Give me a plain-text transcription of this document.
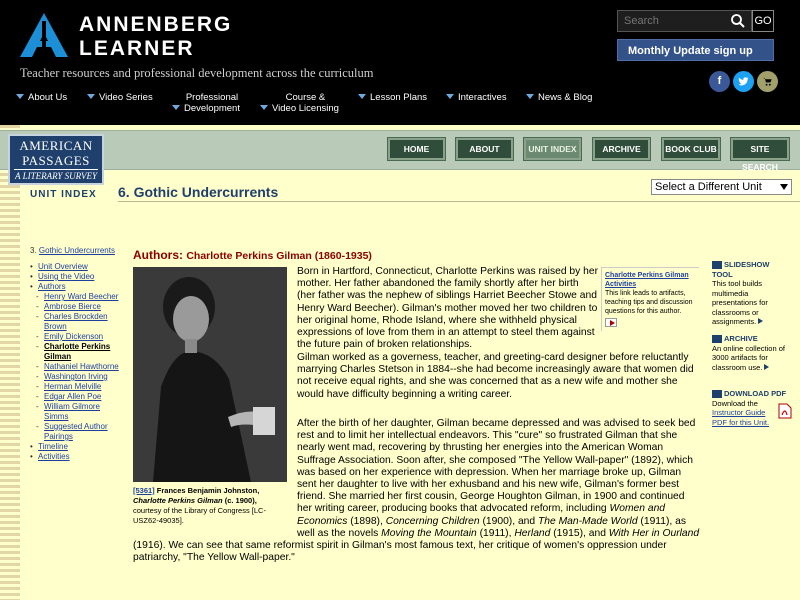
ANNENBERG
LEARNER
Teacher resources and professional development across the curriculum
Search
GO
Monthly Update sign up
f
About Us	Video Series	Professional
Development
Course &
Video Licensing
Lesson Plans	Interactives	News & Blog
AMERICAN
PASSAGES
A LITERARY SURVEY
HOME	ABOUT	UNIT INDEX	ARCHIVE	BOOK CLUB	SITE SEARCH
UNIT INDEX 6. Gothic Undercurrents	Select a Different Unit
3. Gothic Undercurrents
• Unit Overview
• Using the Video
• Authors
- Henry Ward Beecher
- Ambrose Bierce
- Charles Brockden Brown
- Emily Dickenson
- Charlotte Perkins Gilman
- Nathaniel Hawthorne
- Washington Irving
- Herman Melville
- Edgar Allen Poe
- William Gilmore Simms
- Suggested Author Pairings
• Timeline
• Activities
Authors: Charlotte Perkins Gilman (1860-1935)
[5361] Frances Benjamin Johnston,
Charlotte Perkins Gilman (c. 1900),
courtesy of the Library of Congress [LC-USZ62-49035].
Born in Hartford, Connecticut, Charlotte Perkins was raised by her mother. Her father abandoned the family shortly after her birth (her father was the nephew of siblings Harriet Beecher Stowe and Henry Ward Beecher). Gilman's mother moved her two children to her original home, Rhode Island, where she withheld physical expressions of love from them in an attempt to steel them against the future pain of broken relationships.
Gilman worked as a governess, teacher, and greeting-card designer before reluctantly marrying Charles Stetson in 1884--she had become increasingly aware that women did not receive equal rights, and she was concerned that as a new wife and mother she would have difficulty beginning a writing career.
After the birth of her daughter, Gilman became depressed and was advised to seek bed rest and to limit her intellectual endeavors. This "cure" so frustrated Gilman that she nearly went mad, recovering by thrusting her energies into the American Woman Suffrage Association. Soon after, she composed "The Yellow Wall-paper" (1892), which was based on her experience with depression. When her marriage broke up, Gilman sent her daughter to live with her exhusband and his new wife, Gilman's former best friend. She married her first cousin, George Houghton Gilman, in 1900 and continued her writing career, producing books that advocated reform, including Women and Economics (1898), Concerning Children (1900), and The Man-Made World (1911), as well as the novels Moving the Mountain (1911), Herland (1915), and With Her in Ourland
(1916). We can see that same reformist spirit in Gilman's most famous text, her critique of women's oppression under patriarchy, "The Yellow Wall-paper."
Charlotte Perkins Gilman Activities
This link leads to artifacts, teaching tips and discussion questions for this author.
SLIDESHOW TOOL
This tool builds multimedia presentations for classrooms or assignments.
ARCHIVE
An online collection of 3000 artifacts for classroom use.
DOWNLOAD PDF
Download the Instructor Guide PDF for this Unit.
